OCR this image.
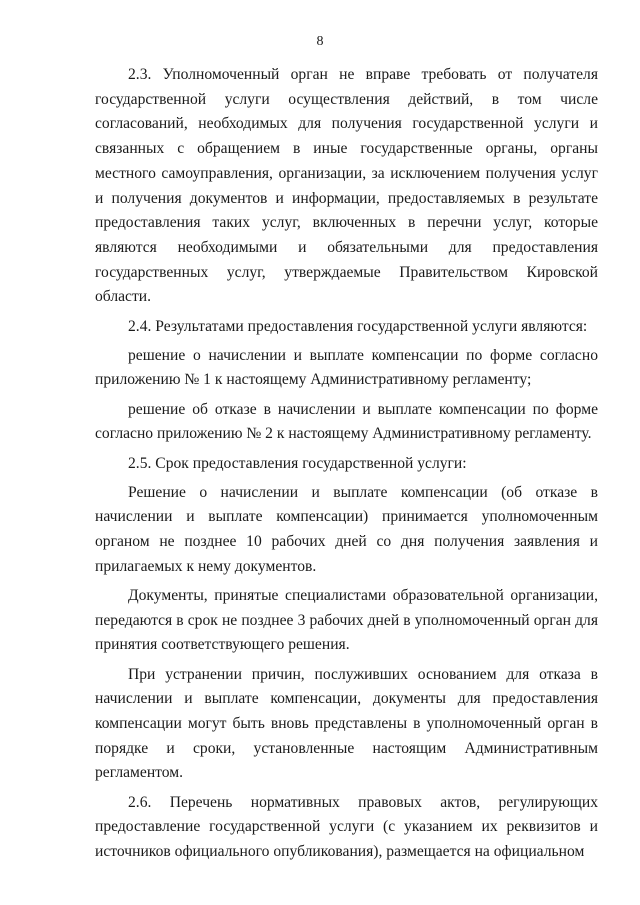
8

2.3. Уполномоченный орган не вправе требовать от получателя государственной услуги осуществления действий, в том числе согласований, необходимых для получения государственной услуги и связанных с обращением в иные государственные органы, органы местного самоуправления, организации, за исключением получения услуг и получения документов и информации, предоставляемых в результате предоставления таких услуг, включенных в перечни услуг, которые являются необходимыми и обязательными для предоставления государственных услуг, утверждаемые Правительством Кировской области.

2.4. Результатами предоставления государственной услуги являются:

решение о начислении и выплате компенсации по форме согласно приложению № 1 к настоящему Административному регламенту;

решение об отказе в начислении и выплате компенсации по форме согласно приложению № 2 к настоящему Административному регламенту.

2.5. Срок предоставления государственной услуги:

Решение о начислении и выплате компенсации (об отказе в начислении и выплате компенсации) принимается уполномоченным органом не позднее 10 рабочих дней со дня получения заявления и прилагаемых к нему документов.

Документы, принятые специалистами образовательной организации, передаются в срок не позднее 3 рабочих дней в уполномоченный орган для принятия соответствующего решения.

При устранении причин, послуживших основанием для отказа в начислении и выплате компенсации, документы для предоставления компенсации могут быть вновь представлены в уполномоченный орган в порядке и сроки, установленные настоящим Административным регламентом.

2.6. Перечень нормативных правовых актов, регулирующих предоставление государственной услуги (с указанием их реквизитов и источников официального опубликования), размещается на официальном
